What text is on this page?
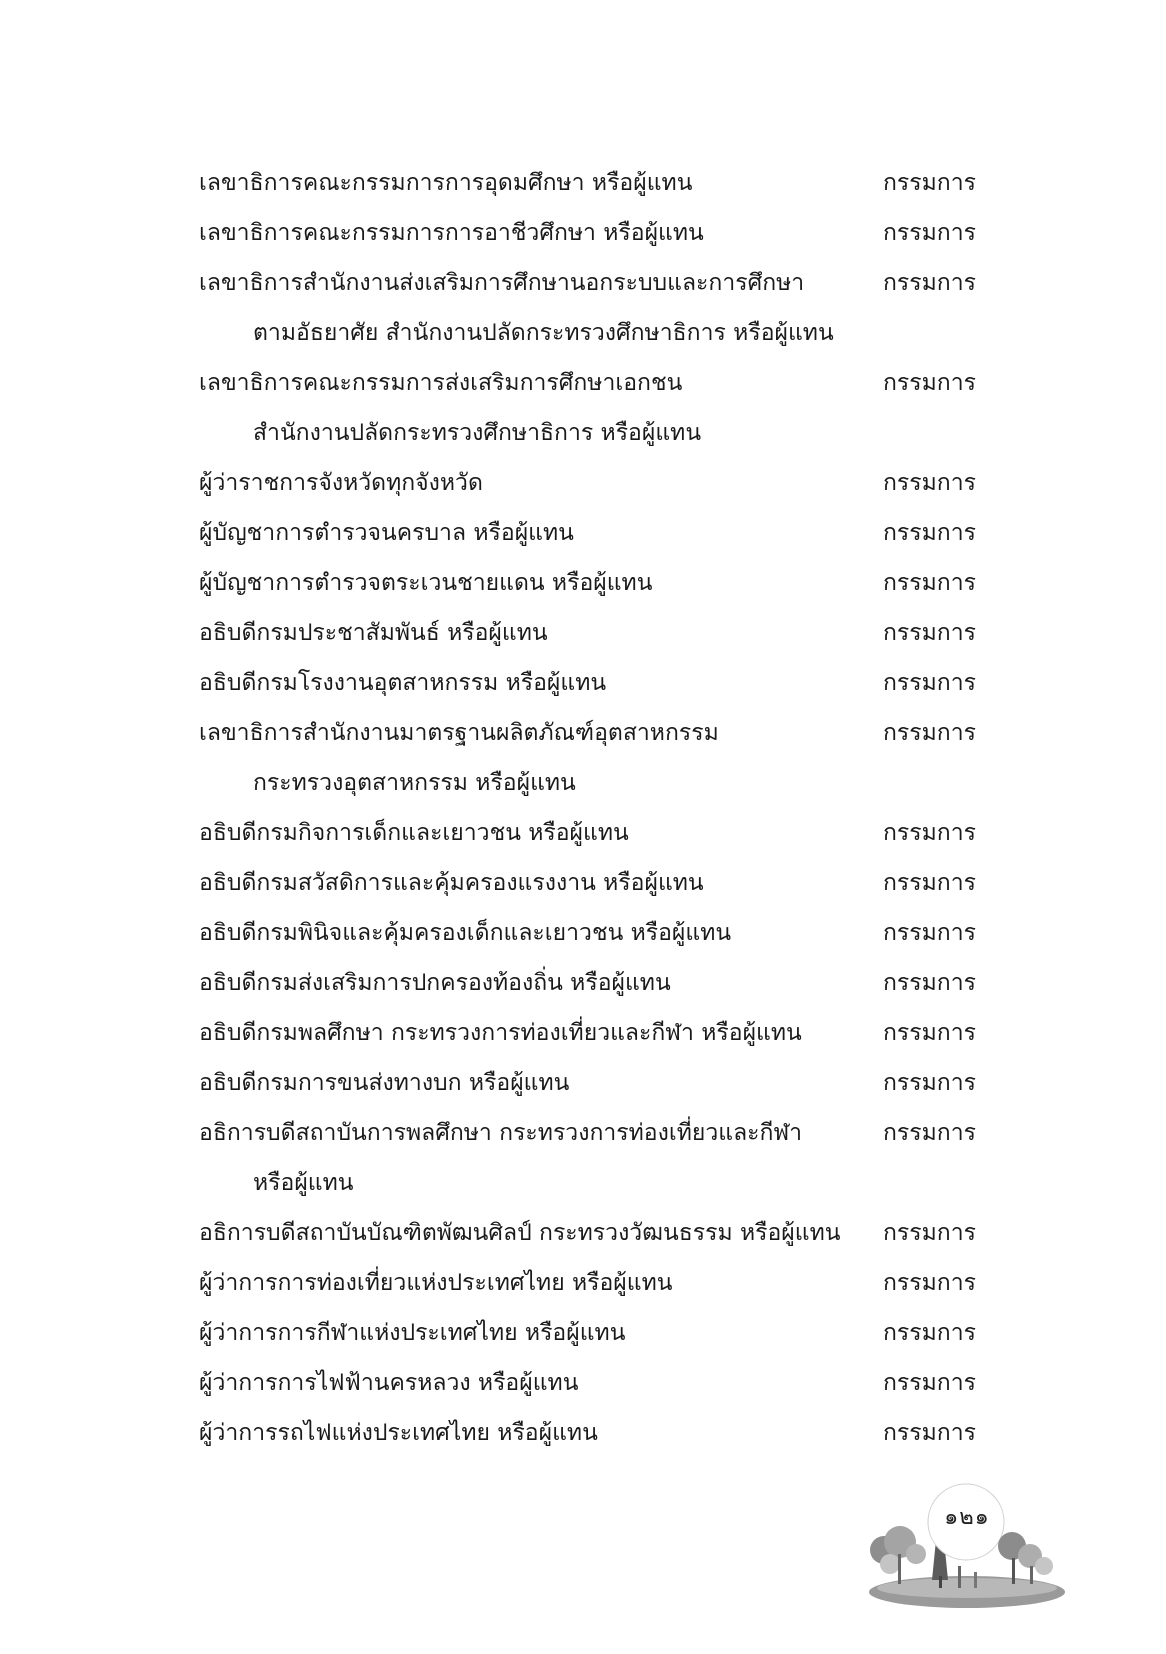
เลขาธิการคณะกรรมการการอุดมศึกษา หรือผู้แทน	กรรมการ
เลขาธิการคณะกรรมการการอาชีวศึกษา หรือผู้แทน	กรรมการ
เลขาธิการสำนักงานส่งเสริมการศึกษานอกระบบและการศึกษา
ตามอัธยาศัย สำนักงานปลัดกระทรวงศึกษาธิการ หรือผู้แทน
กรรมการ
เลขาธิการคณะกรรมการส่งเสริมการศึกษาเอกชน
สำนักงานปลัดกระทรวงศึกษาธิการ หรือผู้แทน
กรรมการ
ผู้ว่าราชการจังหวัดทุกจังหวัด	กรรมการ
ผู้บัญชาการตำรวจนครบาล หรือผู้แทน	กรรมการ
ผู้บัญชาการตำรวจตระเวนชายแดน หรือผู้แทน	กรรมการ
อธิบดีกรมประชาสัมพันธ์ หรือผู้แทน	กรรมการ
อธิบดีกรมโรงงานอุตสาหกรรม หรือผู้แทน	กรรมการ
เลขาธิการสำนักงานมาตรฐานผลิตภัณฑ์อุตสาหกรรม
กระทรวงอุตสาหกรรม หรือผู้แทน
กรรมการ
อธิบดีกรมกิจการเด็กและเยาวชน หรือผู้แทน	กรรมการ
อธิบดีกรมสวัสดิการและคุ้มครองแรงงาน หรือผู้แทน	กรรมการ
อธิบดีกรมพินิจและคุ้มครองเด็กและเยาวชน หรือผู้แทน	กรรมการ
อธิบดีกรมส่งเสริมการปกครองท้องถิ่น หรือผู้แทน	กรรมการ
อธิบดีกรมพลศึกษา กระทรวงการท่องเที่ยวและกีฬา หรือผู้แทน	กรรมการ
อธิบดีกรมการขนส่งทางบก หรือผู้แทน	กรรมการ
อธิการบดีสถาบันการพลศึกษา กระทรวงการท่องเที่ยวและกีฬา
หรือผู้แทน
กรรมการ
อธิการบดีสถาบันบัณฑิตพัฒนศิลป์ กระทรวงวัฒนธรรม หรือผู้แทน	กรรมการ
ผู้ว่าการการท่องเที่ยวแห่งประเทศไทย หรือผู้แทน	กรรมการ
ผู้ว่าการการกีฬาแห่งประเทศไทย หรือผู้แทน	กรรมการ
ผู้ว่าการการไฟฟ้านครหลวง หรือผู้แทน	กรรมการ
ผู้ว่าการรถไฟแห่งประเทศไทย หรือผู้แทน	กรรมการ
๑๒๑
